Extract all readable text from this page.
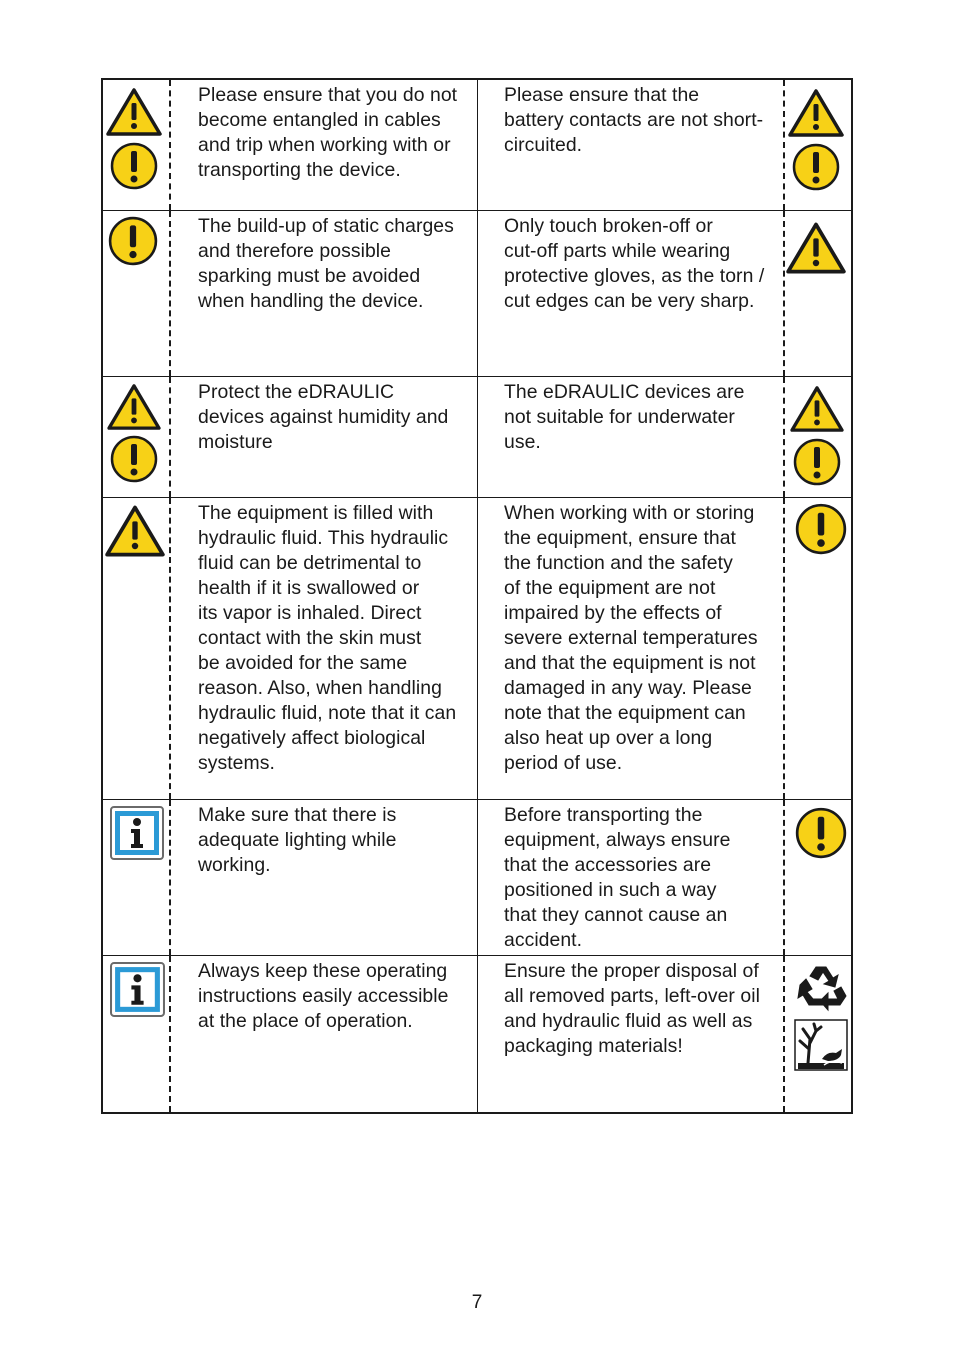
Please ensure that you do not
become entangled in cables
and trip when working with or
transporting the device.
Please ensure that the
battery contacts are not short-
circuited.
The build-up of static charges
and therefore possible
sparking must be avoided
when handling the device.
Only touch broken-off or
cut-off parts while wearing
protective gloves, as the torn /
cut edges can be very sharp.
Protect the eDRAULIC
devices against humidity and
moisture
The eDRAULIC devices are
not suitable for underwater
use.
The equipment is filled with
hydraulic fluid. This hydraulic
fluid can be detrimental to
health if it is swallowed or
its vapor is inhaled. Direct
contact with the skin must
be avoided for the same
reason. Also, when handling
hydraulic fluid, note that it can
negatively affect biological
systems.
When working with or storing
the equipment, ensure that
the function and the safety
of the equipment are not
impaired by the effects of
severe external temperatures
and that the equipment is not
damaged in any way. Please
note that the equipment can
also heat up over a long
period of use.
Make sure that there is
adequate lighting while
working.
Before transporting the
equipment, always ensure
that the accessories are
positioned in such a way
that they cannot cause an
accident.
Always keep these operating
instructions easily accessible
at the place of operation.
Ensure the proper disposal of
all removed parts, left-over oil
and hydraulic fluid as well as
packaging materials!
7
